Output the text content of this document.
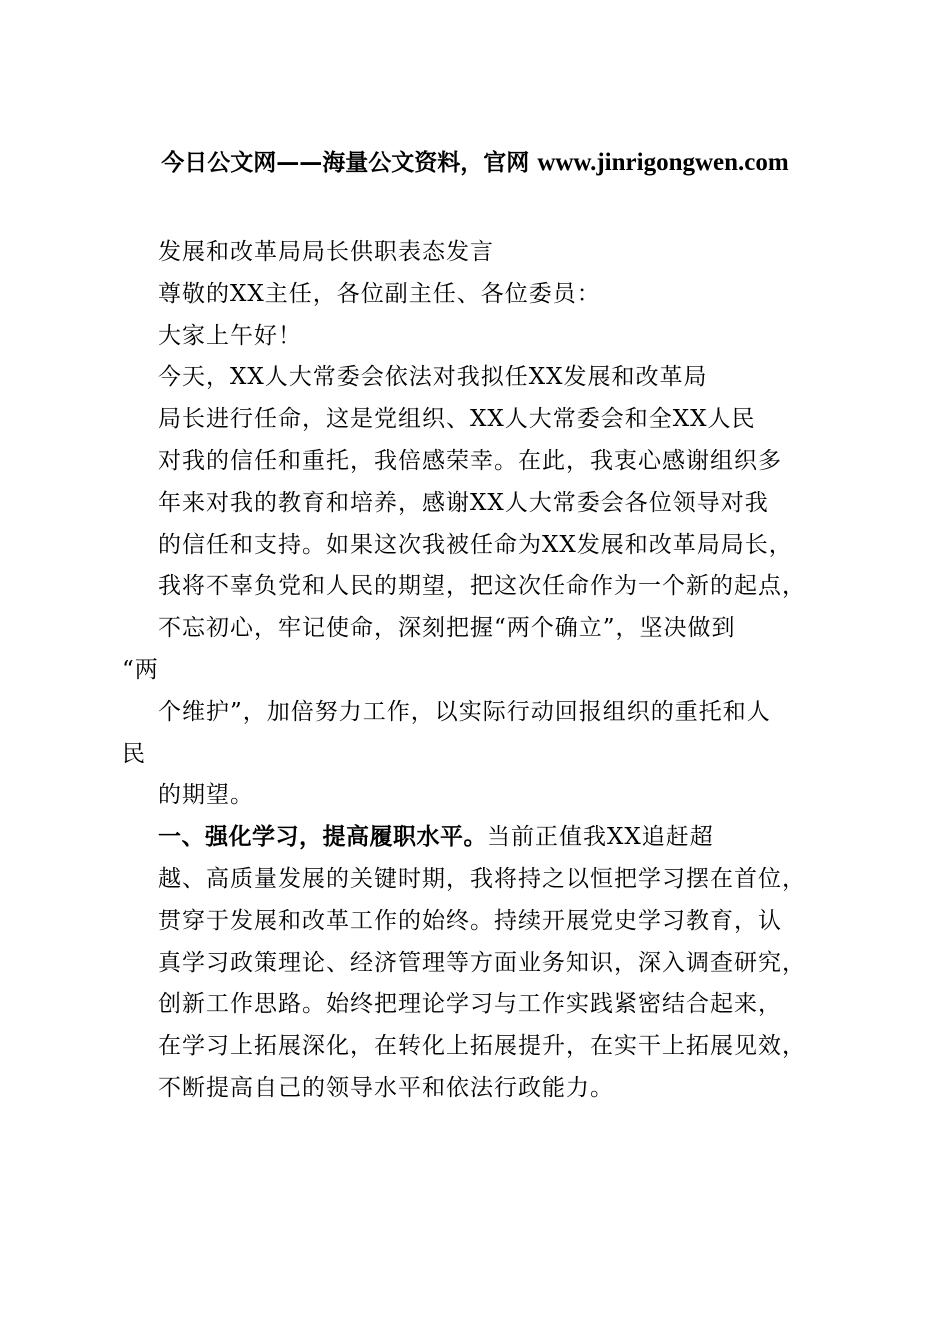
今日公文网——海量公文资料，官网 www.jinrigongwen.com
发展和改革局局长供职表态发言
尊敬的XX主任，各位副主任、各位委员：
大家上午好！
今天，XX人大常委会依法对我拟任XX发展和改革局
局长进行任命，这是党组织、XX人大常委会和全XX人民
对我的信任和重托，我倍感荣幸。在此，我衷心感谢组织多
年来对我的教育和培养，感谢XX人大常委会各位领导对我
的信任和支持。如果这次我被任命为XX发展和改革局局长，
我将不辜负党和人民的期望，把这次任命作为一个新的起点，
不忘初心，牢记使命，深刻把握“两个确立”，坚决做到
“两
个维护”，加倍努力工作，以实际行动回报组织的重托和人
民
的期望。
一、强化学习，提高履职水平。当前正值我XX追赶超
越、高质量发展的关键时期，我将持之以恒把学习摆在首位，
贯穿于发展和改革工作的始终。持续开展党史学习教育，认
真学习政策理论、经济管理等方面业务知识，深入调查研究，
创新工作思路。始终把理论学习与工作实践紧密结合起来，
在学习上拓展深化，在转化上拓展提升，在实干上拓展见效，
不断提高自己的领导水平和依法行政能力。
